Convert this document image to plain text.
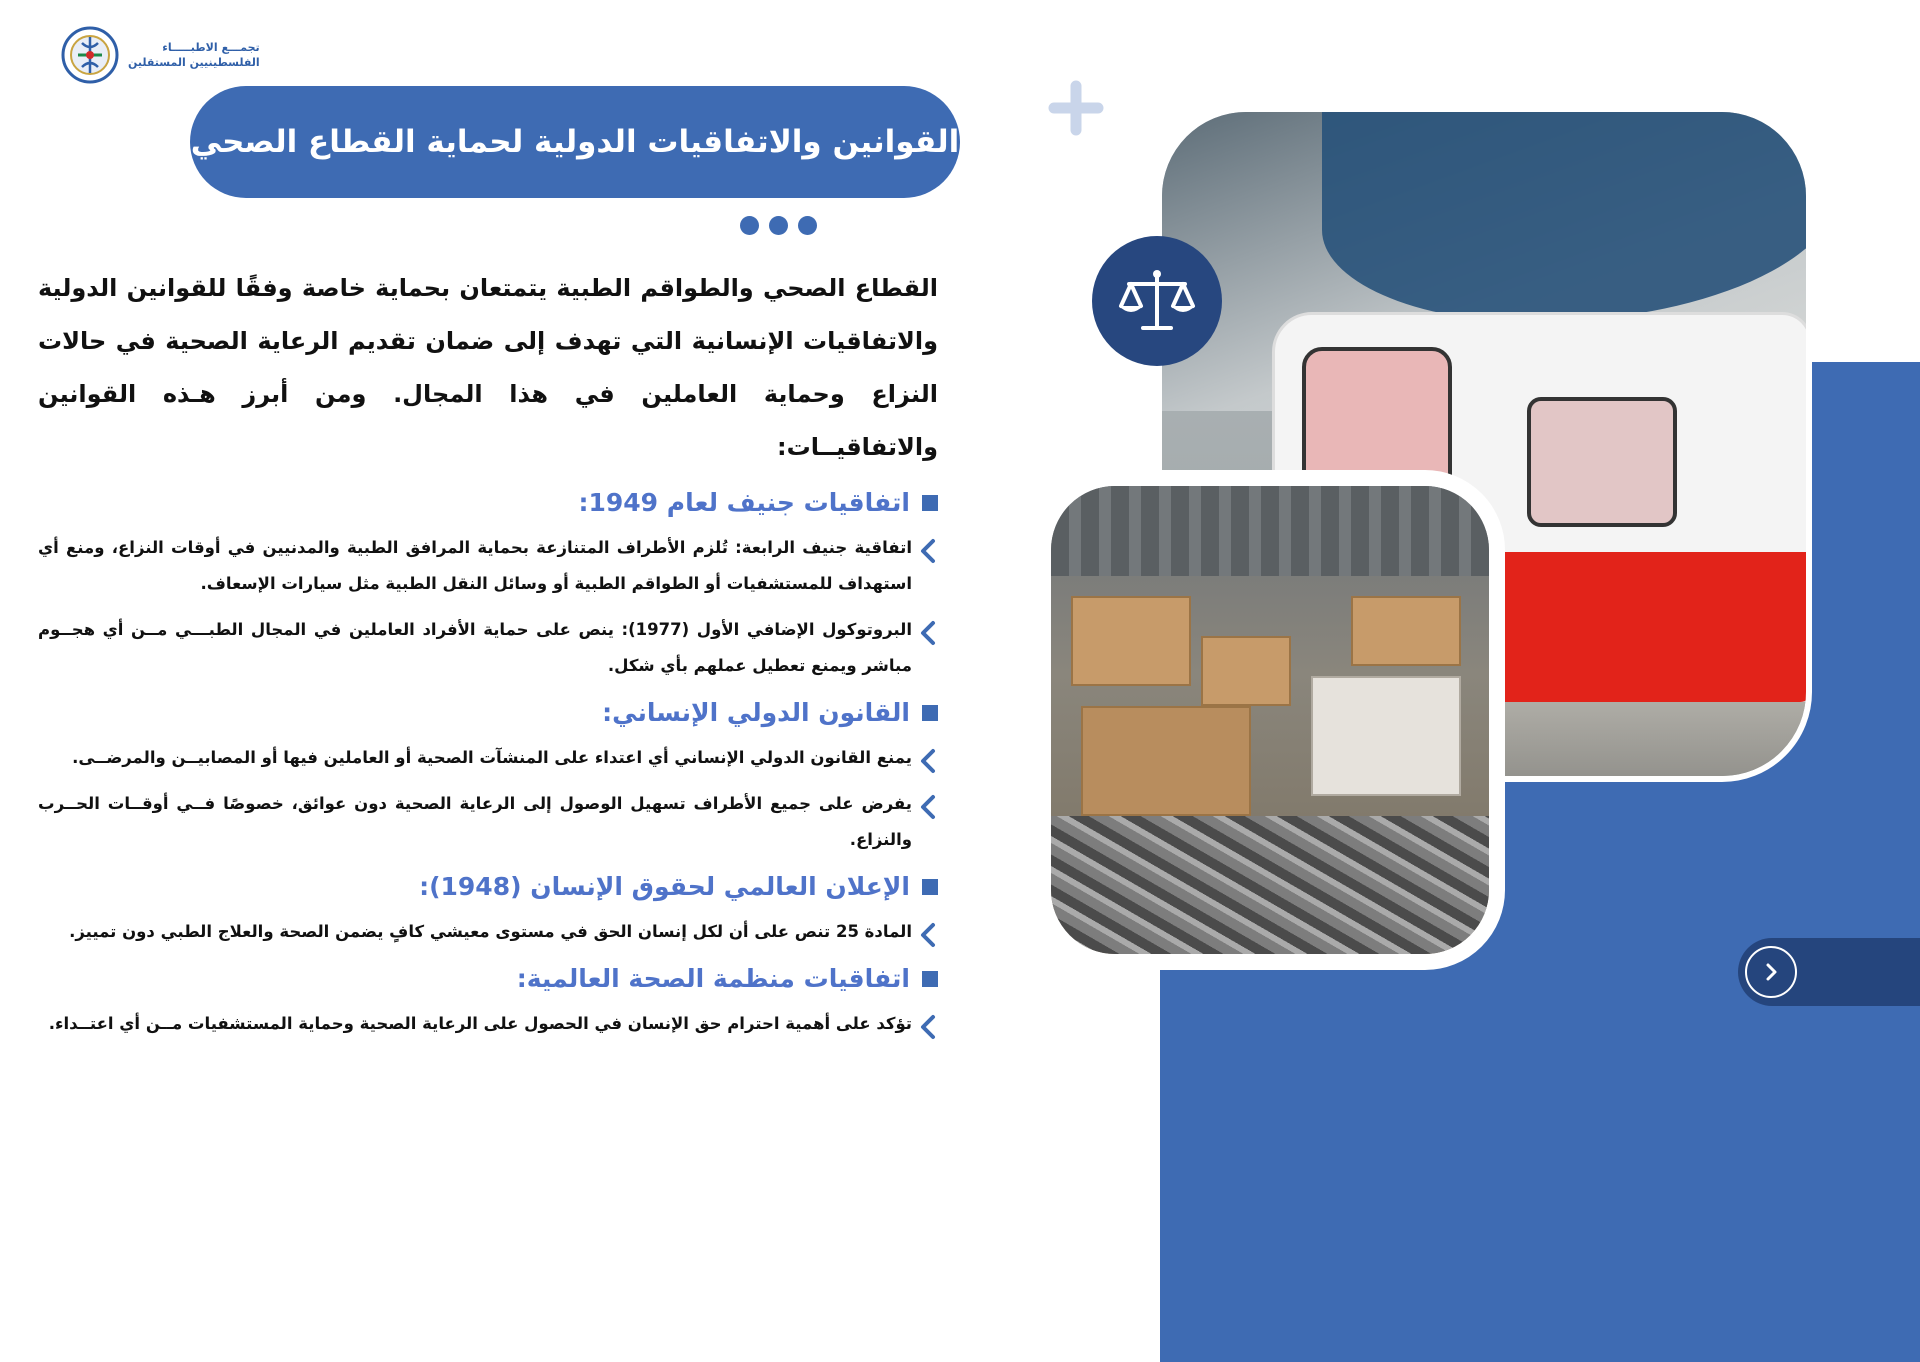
تجمـــع الاطبـــــاء
الفلسطينيين المستقلين
القوانين والاتفاقيات الدولية لحماية القطاع الصحي

القطاع الصحي والطواقم الطبية يتمتعان بحماية خاصة وفقًا للقوانين الدولية والاتفاقيات الإنسانية التي تهدف إلى ضمان تقديم الرعاية الصحية في حالات النزاع وحماية العاملين في هذا المجال. ومن أبرز هـذه القوانين والاتفاقيــات:

اتفاقيات جنيف لعام 1949:
اتفاقية جنيف الرابعة: تُلزم الأطراف المتنازعة بحماية المرافق الطبية والمدنيين في أوقات النزاع، ومنع أي استهداف للمستشفيات أو الطواقم الطبية أو وسائل النقل الطبية مثل سيارات الإسعاف.
البروتوكول الإضافي الأول (1977): ينص على حماية الأفراد العاملين في المجال الطبـــي مــن أي هجــوم مباشر ويمنع تعطيل عملهم بأي شكل.
القانون الدولي الإنساني:
يمنع القانون الدولي الإنساني أي اعتداء على المنشآت الصحية أو العاملين فيها أو المصابيــن والمرضــى.
يفرض على جميع الأطراف تسهيل الوصول إلى الرعاية الصحية دون عوائق، خصوصًا فــي أوقــات الحــرب والنزاع.
الإعلان العالمي لحقوق الإنسان (1948):
المادة 25 تنص على أن لكل إنسان الحق في مستوى معيشي كافٍ يضمن الصحة والعلاج الطبي دون تمييز.
اتفاقيات منظمة الصحة العالمية:
تؤكد على أهمية احترام حق الإنسان في الحصول على الرعاية الصحية وحماية المستشفيات مــن أي اعتــداء.
